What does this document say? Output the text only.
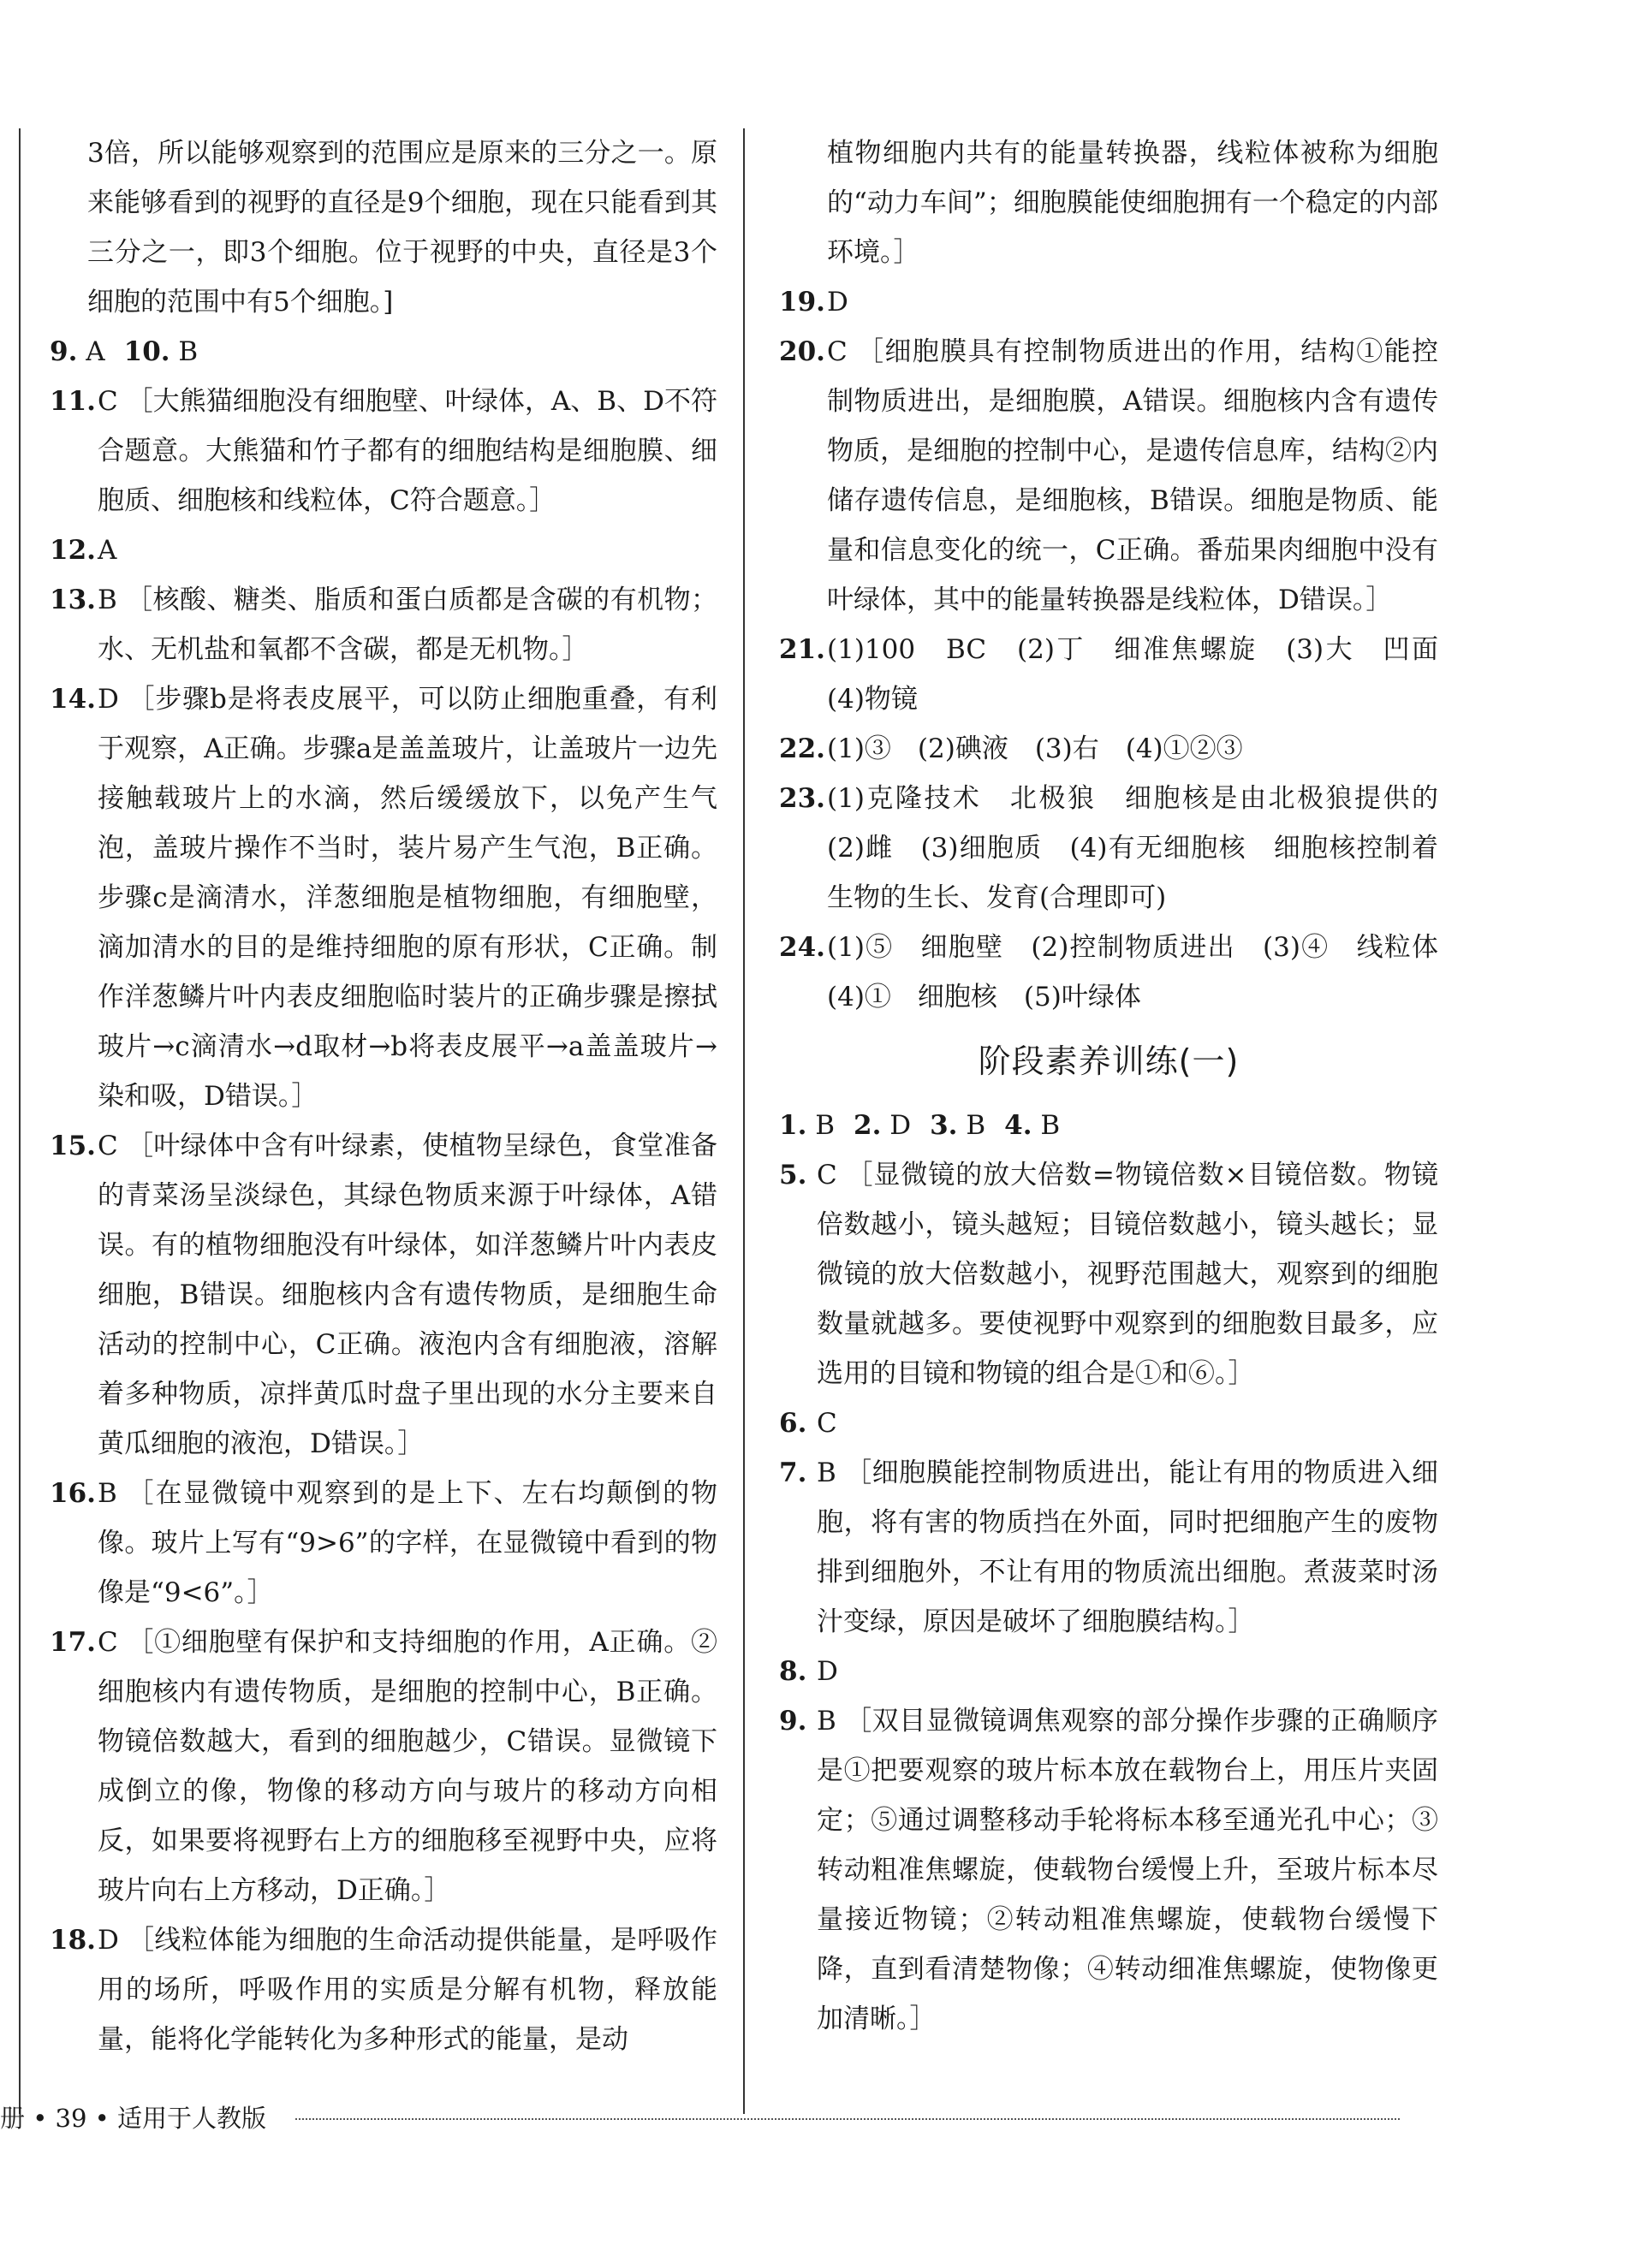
3倍，所以能够观察到的范围应是原来的三分之一。原来能够看到的视野的直径是9个细胞，现在只能看到其三分之一，即3个细胞。位于视野的中央，直径是3个细胞的范围中有5个细胞。]
9. A 10. B
11. C ［大熊猫细胞没有细胞壁、叶绿体，A、B、D不符合题意。大熊猫和竹子都有的细胞结构是细胞膜、细胞质、细胞核和线粒体，C符合题意。］
12. A
13. B ［核酸、糖类、脂质和蛋白质都是含碳的有机物；水、无机盐和氧都不含碳，都是无机物。］
14. D ［步骤b是将表皮展平，可以防止细胞重叠，有利于观察，A正确。步骤a是盖盖玻片，让盖玻片一边先接触载玻片上的水滴，然后缓缓放下，以免产生气泡，盖玻片操作不当时，装片易产生气泡，B正确。步骤c是滴清水，洋葱细胞是植物细胞，有细胞壁，滴加清水的目的是维持细胞的原有形状，C正确。制作洋葱鳞片叶内表皮细胞临时装片的正确步骤是擦拭玻片→c滴清水→d取材→b将表皮展平→a盖盖玻片→染和吸，D错误。］
15. C ［叶绿体中含有叶绿素，使植物呈绿色，食堂准备的青菜汤呈淡绿色，其绿色物质来源于叶绿体，A错误。有的植物细胞没有叶绿体，如洋葱鳞片叶内表皮细胞，B错误。细胞核内含有遗传物质，是细胞生命活动的控制中心，C正确。液泡内含有细胞液，溶解着多种物质，凉拌黄瓜时盘子里出现的水分主要来自黄瓜细胞的液泡，D错误。］
16. B ［在显微镜中观察到的是上下、左右均颠倒的物像。玻片上写有“9>6”的字样，在显微镜中看到的物像是“9<6”。］
17. C ［①细胞壁有保护和支持细胞的作用，A正确。②细胞核内有遗传物质，是细胞的控制中心，B正确。物镜倍数越大，看到的细胞越少，C错误。显微镜下成倒立的像，物像的移动方向与玻片的移动方向相反，如果要将视野右上方的细胞移至视野中央，应将玻片向右上方移动，D正确。］
18. D ［线粒体能为细胞的生命活动提供能量，是呼吸作用的场所，呼吸作用的实质是分解有机物，释放能量，能将化学能转化为多种形式的能量，是动
植物细胞内共有的能量转换器，线粒体被称为细胞的“动力车间”；细胞膜能使细胞拥有一个稳定的内部环境。］
19. D
20. C ［细胞膜具有控制物质进出的作用，结构①能控制物质进出，是细胞膜，A错误。细胞核内含有遗传物质，是细胞的控制中心，是遗传信息库，结构②内储存遗传信息，是细胞核，B错误。细胞是物质、能量和信息变化的统一，C正确。番茄果肉细胞中没有叶绿体，其中的能量转换器是线粒体，D错误。］
21. (1)100　BC　(2)丁　细准焦螺旋　(3)大　凹面　(4)物镜
22. (1)③　(2)碘液　(3)右　(4)①②③
23. (1)克隆技术　北极狼　细胞核是由北极狼提供的　(2)雌　(3)细胞质　(4)有无细胞核　细胞核控制着生物的生长、发育(合理即可)
24. (1)⑤　细胞壁　(2)控制物质进出　(3)④　线粒体　(4)①　细胞核　(5)叶绿体
阶段素养训练(一)
1. B 2. D 3. B 4. B
5. C ［显微镜的放大倍数=物镜倍数×目镜倍数。物镜倍数越小，镜头越短；目镜倍数越小，镜头越长；显微镜的放大倍数越小，视野范围越大，观察到的细胞数量就越多。要使视野中观察到的细胞数目最多，应选用的目镜和物镜的组合是①和⑥。］
6. C
7. B ［细胞膜能控制物质进出，能让有用的物质进入细胞，将有害的物质挡在外面，同时把细胞产生的废物排到细胞外，不让有用的物质流出细胞。煮菠菜时汤汁变绿，原因是破坏了细胞膜结构。］
8. D
9. B ［双目显微镜调焦观察的部分操作步骤的正确顺序是①把要观察的玻片标本放在载物台上，用压片夹固定；⑤通过调整移动手轮将标本移至通光孔中心；③转动粗准焦螺旋，使载物台缓慢上升，至玻片标本尽量接近物镜；②转动粗准焦螺旋，使载物台缓慢下降，直到看清楚物像；④转动细准焦螺旋，使物像更加清晰。］
册 • 39 • 适用于人教版
